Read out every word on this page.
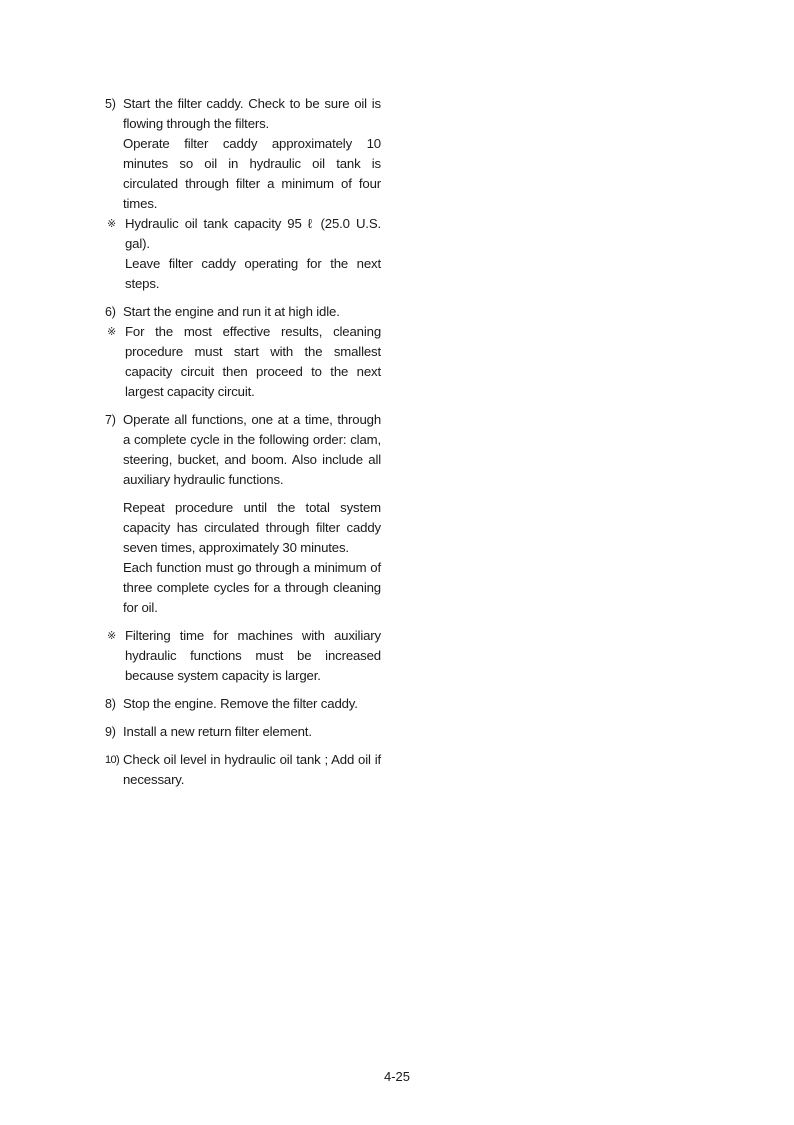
5) Start the filter caddy. Check to be sure oil is flowing through the filters.
Operate filter caddy approximately 10 minutes so oil in hydraulic oil tank is circulated through filter a minimum of four times.
※ Hydraulic oil tank capacity 95 ℓ (25.0 U.S. gal).
Leave filter caddy operating for the next steps.
6) Start the engine and run it at high idle.
※ For the most effective results, cleaning procedure must start with the smallest capacity circuit then proceed to the next largest capacity circuit.
7) Operate all functions, one at a time, through a complete cycle in the following order: clam, steering, bucket, and boom. Also include all auxiliary hydraulic functions.
Repeat procedure until the total system capacity has circulated through filter caddy seven times, approximately 30 minutes.
Each function must go through a minimum of three complete cycles for a through cleaning for oil.
※ Filtering time for machines with auxiliary hydraulic functions must be increased because system capacity is larger.
8) Stop the engine. Remove the filter caddy.
9) Install a new return filter element.
10) Check oil level in hydraulic oil tank ; Add oil if necessary.
4-25
